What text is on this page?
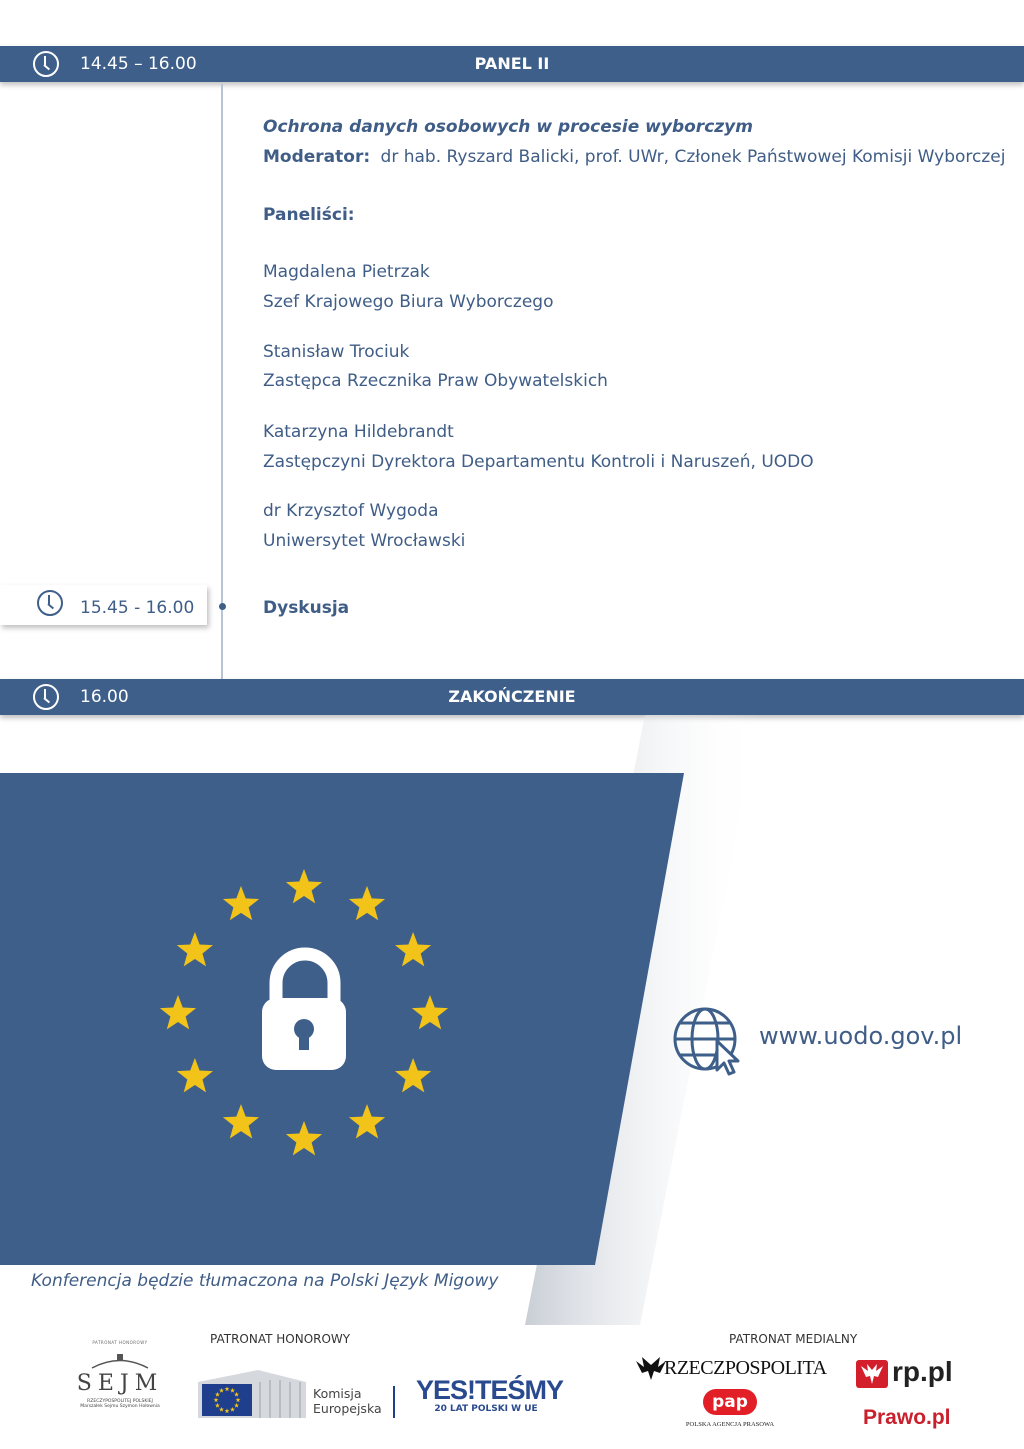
14.45 – 16.00	PANEL II
Ochrona danych osobowych w procesie wyborczym
Moderator: dr hab. Ryszard Balicki, prof. UWr, Członek Państwowej Komisji Wyborczej
Paneliści:
Magdalena Pietrzak
Szef Krajowego Biura Wyborczego
Stanisław Trociuk
Zastępca Rzecznika Praw Obywatelskich
Katarzyna Hildebrandt
Zastępczyni Dyrektora Departamentu Kontroli i Naruszeń, UODO
dr Krzysztof Wygoda
Uniwersytet Wrocławski
15.45 - 16.00	Dyskusja
16.00	ZAKOŃCZENIE
www.uodo.gov.pl
Konferencja będzie tłumaczona na Polski Język Migowy
PATRONAT HONOROWY	PATRONAT MEDIALNY
PATRONAT HONOROWY
SEJM
RZECZYPOSPOLITEJ POLSKIEJ
Marszałek Sejmu Szymon Hołownia
Komisja
Europejska
YES!TEŚMY
20 LAT POLSKI W UE
RZECZPOSPOLITA
pap
POLSKA AGENCJA PRASOWA
rp.pl
Prawo.pl
